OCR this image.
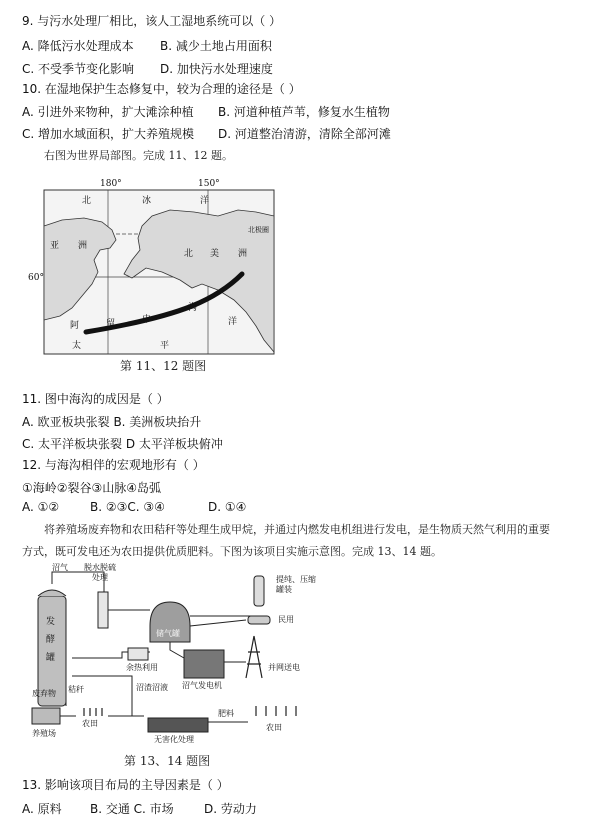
9. 与污水处理厂相比，该人工湿地系统可以（ ）
A. 降低污水处理成本 B. 减少土地占用面积
C. 不受季节变化影响 D. 加快污水处理速度
10. 在湿地保护生态修复中，较为合理的途径是（ ）
A. 引进外来物种，扩大滩涂种植 B. 河道种植芦苇，修复水生植物
C. 增加水域面积，扩大养殖规模 D. 河道整治清游，清除全部河滩
右图为世界局部图。完成 11、12 题。
180°	150°
60°
北极圈
北	冰	洋
亚 洲
北 美 洲
阿	留	申
沟
太	平
洋
第 11、12 题图
11. 图中海沟的成因是（ ）
A. 欧亚板块张裂 B. 美洲板块抬升
C. 太平洋板块张裂 D 太平洋板块俯冲
12. 与海沟相伴的宏观地形有（ ）
①海岭②裂谷③山脉④岛弧
A. ①②	B. ②③C. ③④	D. ①④
将养殖场废弃物和农田秸秆等处理生成甲烷，并通过内燃发电机组进行发电，是生物质天然气利用的重要
方式，既可发电还为农田提供优质肥料。下图为该项目实施示意图。完成 13、14 题。
发
酵
罐
沼气 脱水脱硫
处理
储气罐
提纯、压缩
罐装
民用
余热利用
沼气发电机
并网送电
废弃物 秸秆	沼渣沼液
无害化处理
肥料
养殖场
农田	农田
第 13、14 题图
13. 影响该项目布局的主导因素是（ ）
A. 原料 B. 交通 C. 市场	D. 劳动力
